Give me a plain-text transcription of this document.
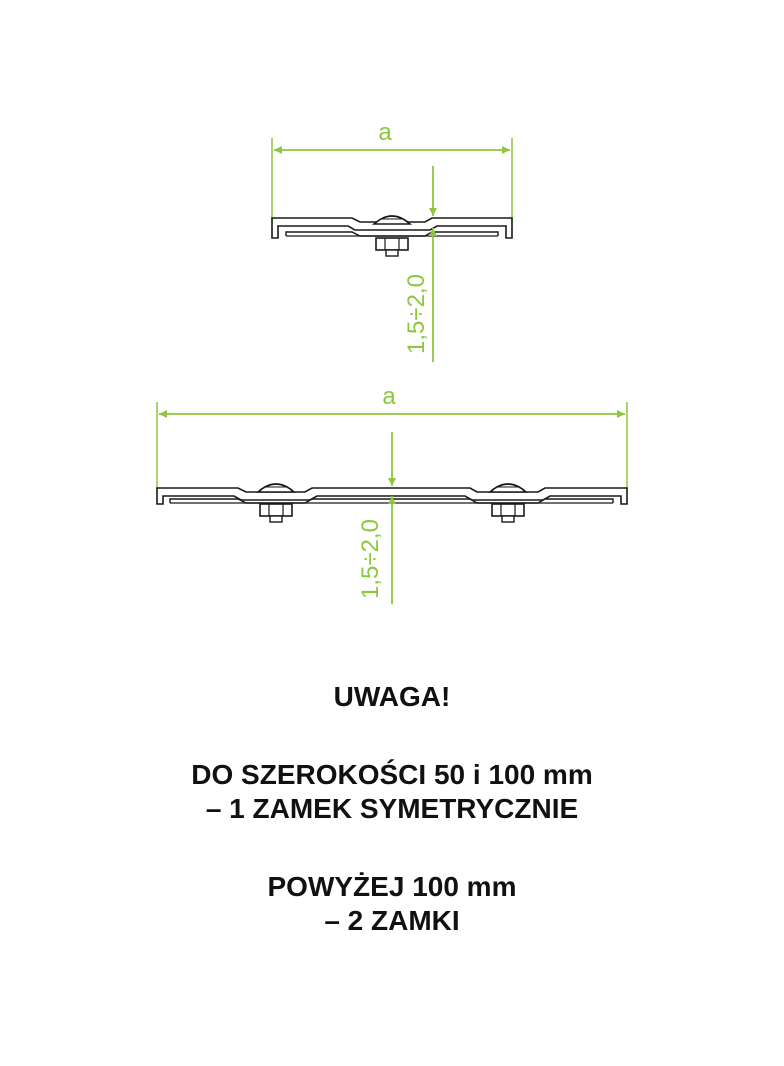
a
1,5÷2,0
a
1,5÷2,0
UWAGA!
DO SZEROKOŚCI 50 i 100 mm
– 1 ZAMEK SYMETRYCZNIE
POWYŻEJ 100 mm
– 2 ZAMKI
